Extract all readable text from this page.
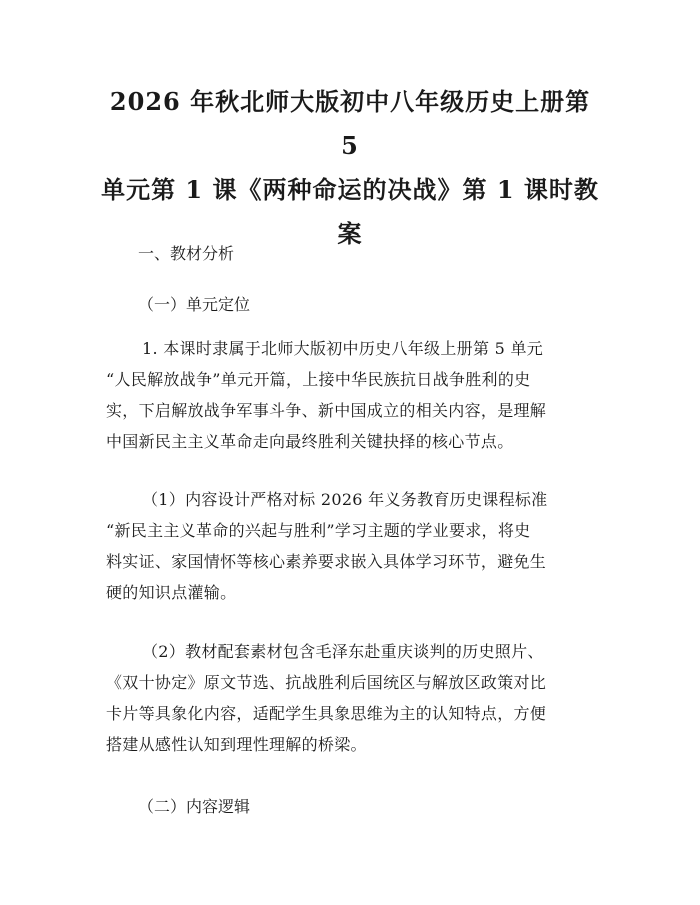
2026 年秋北师大版初中八年级历史上册第 5
单元第 1 课《两种命运的决战》第 1 课时教
案

一、教材分析

（一）单元定位

1. 本课时隶属于北师大版初中历史八年级上册第 5 单元
“人民解放战争”单元开篇，上接中华民族抗日战争胜利的史
实，下启解放战争军事斗争、新中国成立的相关内容，是理解
中国新民主主义革命走向最终胜利关键抉择的核心节点。
（1）内容设计严格对标 2026 年义务教育历史课程标准
“新民主主义革命的兴起与胜利”学习主题的学业要求，将史
料实证、家国情怀等核心素养要求嵌入具体学习环节，避免生
硬的知识点灌输。
（2）教材配套素材包含毛泽东赴重庆谈判的历史照片、
《双十协定》原文节选、抗战胜利后国统区与解放区政策对比
卡片等具象化内容，适配学生具象思维为主的认知特点，方便
搭建从感性认知到理性理解的桥梁。

（二）内容逻辑
